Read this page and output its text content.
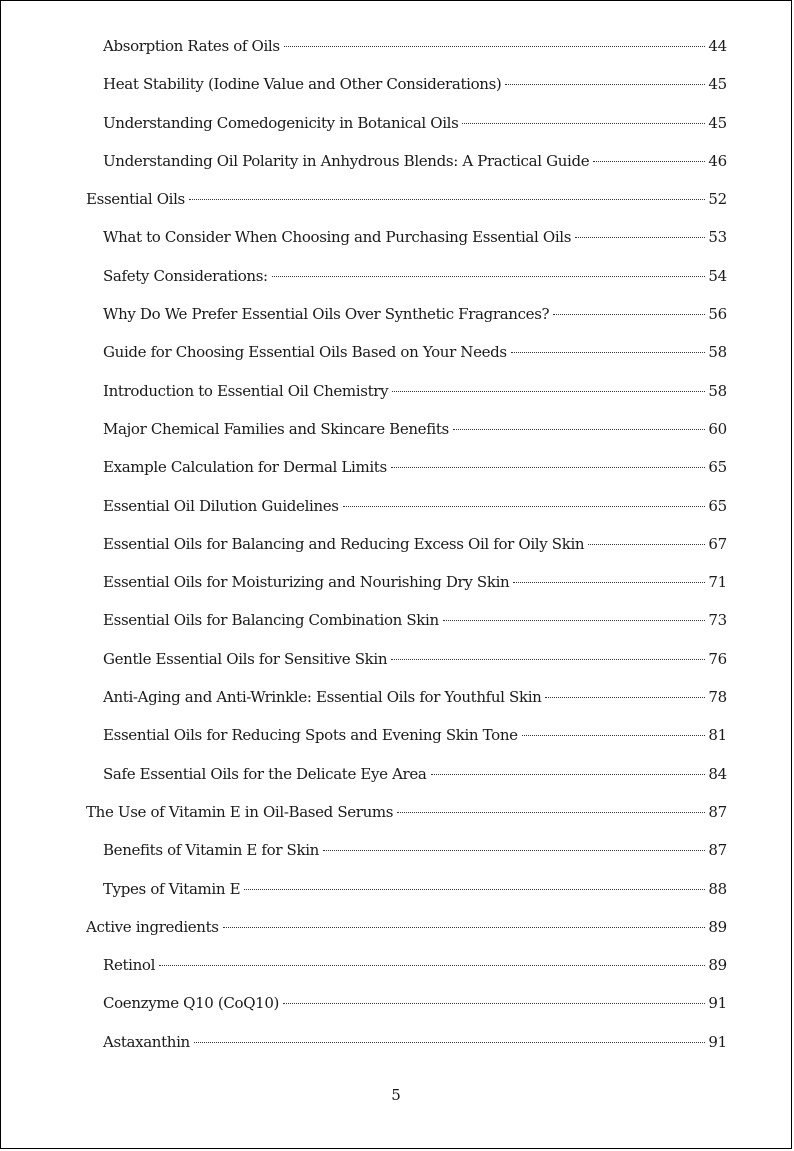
Absorption Rates of Oils	44
Heat Stability (Iodine Value and Other Considerations)	45
Understanding Comedogenicity in Botanical Oils	45
Understanding Oil Polarity in Anhydrous Blends: A Practical Guide	46
Essential Oils	52
What to Consider When Choosing and Purchasing Essential Oils	53
Safety Considerations:	54
Why Do We Prefer Essential Oils Over Synthetic Fragrances?	56
Guide for Choosing Essential Oils Based on Your Needs	58
Introduction to Essential Oil Chemistry	58
Major Chemical Families and Skincare Benefits	60
Example Calculation for Dermal Limits	65
Essential Oil Dilution Guidelines	65
Essential Oils for Balancing and Reducing Excess Oil for Oily Skin	67
Essential Oils for Moisturizing and Nourishing Dry Skin	71
Essential Oils for Balancing Combination Skin	73
Gentle Essential Oils for Sensitive Skin	76
Anti-Aging and Anti-Wrinkle: Essential Oils for Youthful Skin	78
Essential Oils for Reducing Spots and Evening Skin Tone	81
Safe Essential Oils for the Delicate Eye Area	84
The Use of Vitamin E in Oil-Based Serums	87
Benefits of Vitamin E for Skin	87
Types of Vitamin E	88
Active ingredients	89
Retinol	89
Coenzyme Q10 (CoQ10)	91
Astaxanthin	91
5
